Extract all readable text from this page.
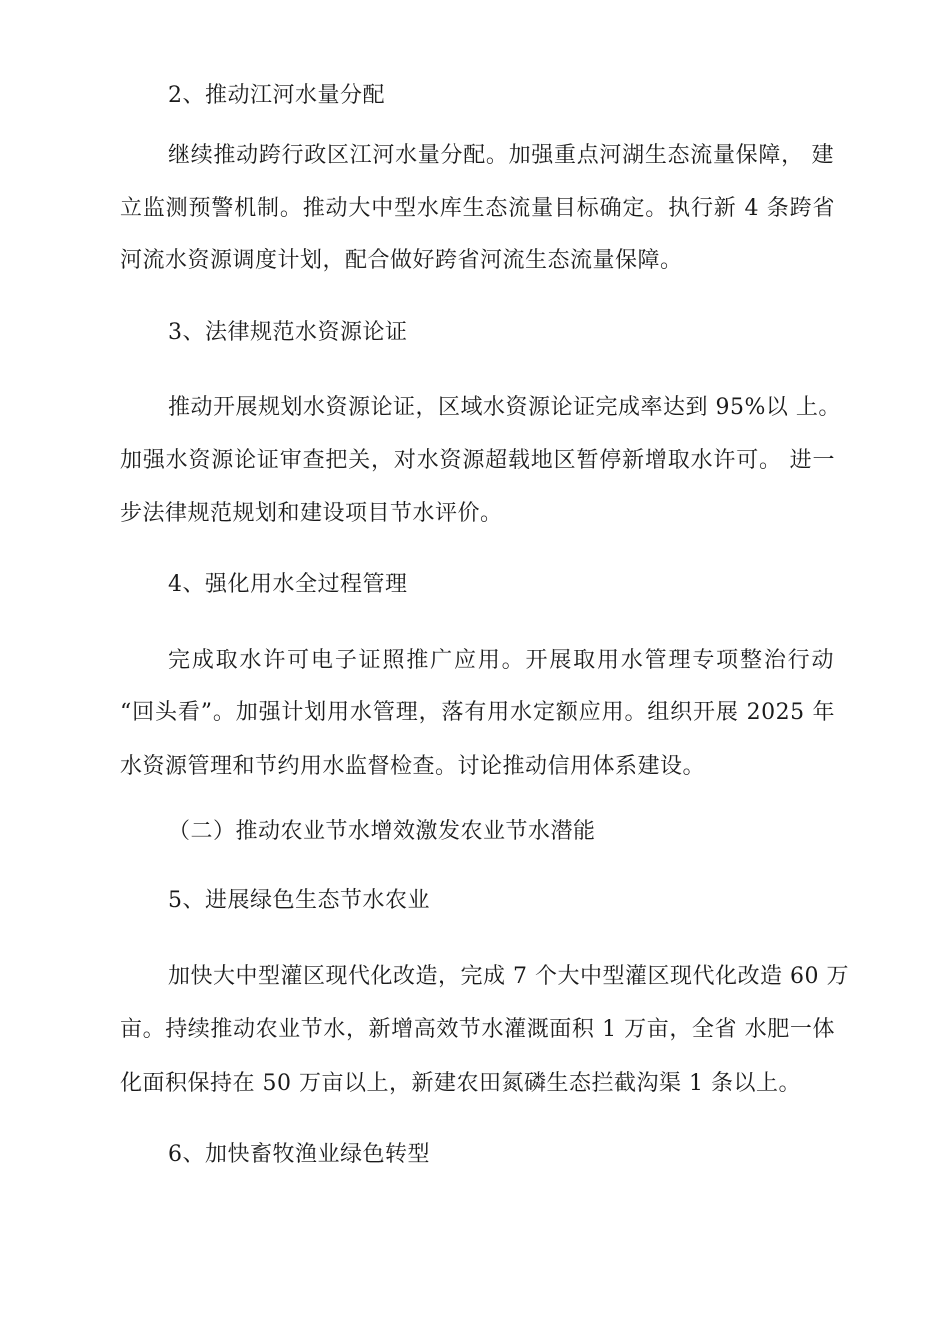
2、推动江河水量分配
继续推动跨行政区江河水量分配。加强重点河湖生态流量保障， 建
立监测预警机制。推动大中型水库生态流量目标确定。执行新 4 条跨省
河流水资源调度计划，配合做好跨省河流生态流量保障。
3、法律规范水资源论证
推动开展规划水资源论证，区域水资源论证完成率达到 95%以 上。
加强水资源论证审查把关，对水资源超载地区暂停新增取水许可。 进一
步法律规范规划和建设项目节水评价。
4、强化用水全过程管理
完成取水许可电子证照推广应用。开展取用水管理专项整治行动
“回头看”。加强计划用水管理，落有用水定额应用。组织开展 2025 年
水资源管理和节约用水监督检查。讨论推动信用体系建设。
（二）推动农业节水增效激发农业节水潜能
5、进展绿色生态节水农业
加快大中型灌区现代化改造，完成 7 个大中型灌区现代化改造 60 万
亩。持续推动农业节水，新增高效节水灌溉面积 1 万亩，全省 水肥一体
化面积保持在 50 万亩以上，新建农田氮磷生态拦截沟渠 1 条以上。
6、加快畜牧渔业绿色转型
